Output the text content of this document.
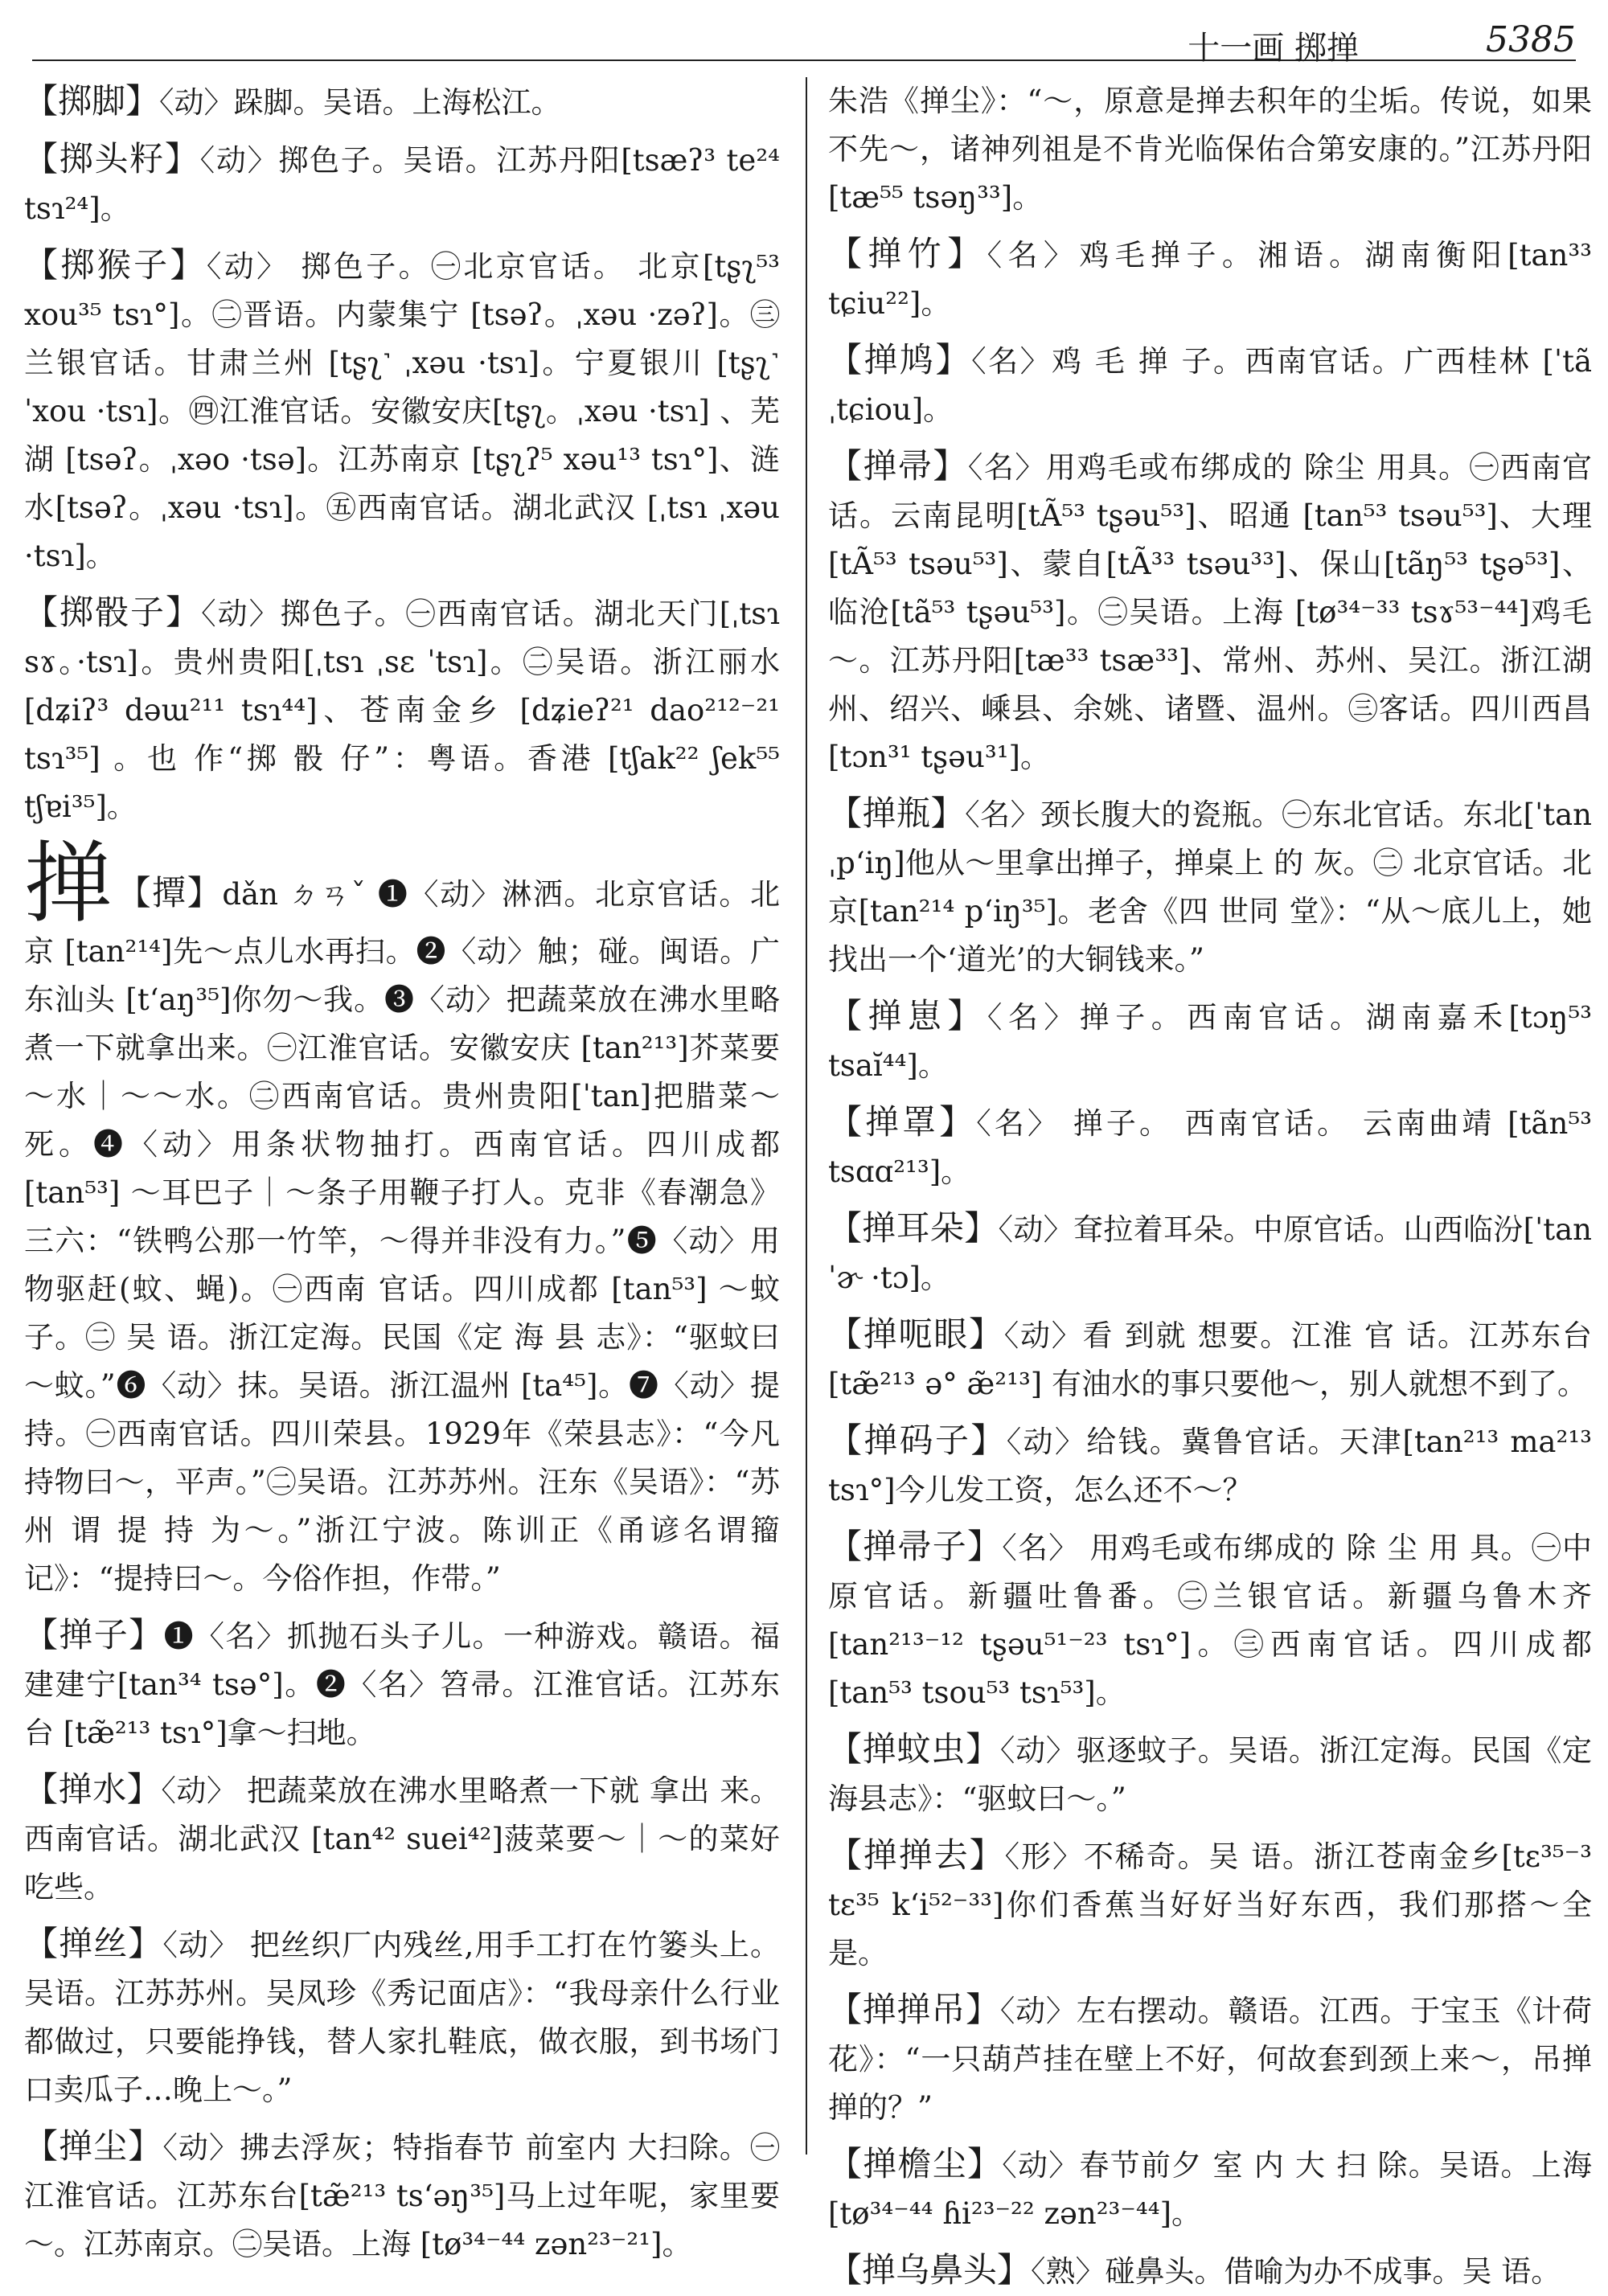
十一画 掷掸	5385
【掷脚】〈动〉跺脚。吴语。上海松江。
【掷头籽】〈动〉掷色子。吴语。江苏丹阳[tsæʔ³ te²⁴ tsɿ²⁴]。
【掷猴子】〈动〉 掷色子。㊀北京官话。 北京[tʂʅ⁵³ xou³⁵ tsɿ°]。㊁晋语。内蒙集宁 [tsəʔ。ˌxəu ·zəʔ]。㊂兰银官话。甘肃兰州 [tʂʅ˺ ˌxəu ·tsɿ]。宁夏银川 [tʂʅ˺ ˈxou ·tsɿ]。㊃江淮官话。安徽安庆[tʂʅ。ˌxəu ·tsɿ] 、芜湖 [tsəʔ。ˌxəo ·tsə]。江苏南京 [tʂʅʔ⁵ xəu¹³ tsɿ°]、涟水[tsəʔ。ˌxəu ·tsɿ]。㊄西南官话。湖北武汉 [ˌtsɿ ˌxəu ·tsɿ]。
【掷骰子】〈动〉掷色子。㊀西南官话。湖北天门[ˌtsɿ sɤ。·tsɿ]。贵州贵阳[ˌtsɿ ˌsɛ ˈtsɿ]。㊁吴语。浙江丽水 [dʑiʔ³ dəɯ²¹¹ tsɿ⁴⁴]、苍南金乡 [dʑieʔ²¹ dao²¹²⁻²¹ tsɿ³⁵] 。也 作“掷 骰 仔”：粤语。香港 [tʃak²² ʃek⁵⁵ tʃɐi³⁵]。
掸【撢】dǎn ㄉㄢˇ ❶〈动〉淋洒。北京官话。北京 [tan²¹⁴]先～点儿水再扫。❷〈动〉触；碰。闽语。广东汕头 [tʻaŋ³⁵]你勿～我。❸〈动〉把蔬菜放在沸水里略煮一下就拿出来。㊀江淮官话。安徽安庆 [tan²¹³]芥菜要～水｜～～水。㊁西南官话。贵州贵阳[ˈtan]把腊菜～死。❹〈动〉用条状物抽打。西南官话。四川成都 [tan⁵³] ～耳巴子｜～条子用鞭子打人。克非《春潮急》三六：“铁鸭公那一竹竿，～得并非没有力。”❺〈动〉用物驱赶(蚊、蝇)。㊀西南 官话。四川成都 [tan⁵³] ～蚊 子。㊁ 吴 语。浙江定海。民国《定 海 县 志》：“驱蚊曰～蚊。”❻〈动〉抹。吴语。浙江温州 [ta⁴⁵]。❼〈动〉提持。㊀西南官话。四川荣县。1929年《荣县志》：“今凡持物曰～，平声。”㊁吴语。江苏苏州。汪东《吴语》：“苏州 谓 提 持 为～。”浙江宁波。陈训正《甬谚名谓籀记》：“提持曰～。今俗作担，作带。”
【掸子】❶〈名〉抓抛石头子儿。一种游戏。赣语。福建建宁[tan³⁴ tsə°]。❷〈名〉笤帚。江淮官话。江苏东台 [tæ̃²¹³ tsɿ°]拿～扫地。
【掸水】〈动〉 把蔬菜放在沸水里略煮一下就 拿出 来。西南官话。湖北武汉 [tan⁴² suei⁴²]菠菜要～｜～的菜好吃些。
【掸丝】〈动〉 把丝织厂内残丝,用手工打在竹篓头上。吴语。江苏苏州。吴凤珍《秀记面店》：“我母亲什么行业都做过，只要能挣钱，替人家扎鞋底，做衣服，到书场门口卖瓜子…晚上～。”
【掸尘】〈动〉拂去浮灰；特指春节 前室内 大扫除。㊀江淮官话。江苏东台[tæ̃²¹³ tsʻəŋ³⁵]马上过年呢，家里要～。江苏南京。㊁吴语。上海 [tø³⁴⁻⁴⁴ zən²³⁻²¹]。
朱浩《掸尘》：“～，原意是掸去积年的尘垢。传说，如果不先～，诸神列祖是不肯光临保佑合第安康的。”江苏丹阳 [tæ⁵⁵ tsəŋ³³]。
【掸竹】〈名〉鸡毛掸子。湘语。湖南衡阳[tan³³ tɕiu²²]。
【掸鸠】〈名〉鸡 毛 掸 子。西南官话。广西桂林 [ˈtã ˌtɕiou]。
【掸帚】〈名〉用鸡毛或布绑成的 除尘 用具。㊀西南官话。云南昆明[tÃ⁵³ tʂəu⁵³]、昭通 [tan⁵³ tsəu⁵³]、大理[tÃ⁵³ tsəu⁵³]、蒙自[tÃ³³ tsəu³³]、保山[tãŋ⁵³ tʂə⁵³]、临沧[tã⁵³ tʂəu⁵³]。㊁吴语。上海 [tø³⁴⁻³³ tsɤ⁵³⁻⁴⁴]鸡毛～。江苏丹阳[tæ³³ tsæ³³]、常州、苏州、吴江。浙江湖州、绍兴、嵊县、余姚、诸暨、温州。㊂客话。四川西昌 [tɔn³¹ tʂəu³¹]。
【掸瓶】〈名〉颈长腹大的瓷瓶。㊀东北官话。东北[ˈtan ˌpʻiŋ]他从～里拿出掸子，掸桌上 的 灰。㊁ 北京官话。北京[tan²¹⁴ pʻiŋ³⁵]。老舍《四 世同 堂》：“从～底儿上，她找出一个‘道光’的大铜钱来。”
【掸崽】〈名〉掸子。西南官话。湖南嘉禾[tɔŋ⁵³ tsaĭ⁴⁴]。
【掸罩】〈名〉 掸子。 西南官话。 云南曲靖 [tãn⁵³ tsɑɑ²¹³]。
【掸耳朵】〈动〉耷拉着耳朵。中原官话。山西临汾[ˈtan ˈɚ ·tɔ]。
【掸呃眼】〈动〉看 到就 想要。江淮 官 话。江苏东台 [tæ̃²¹³ ə° æ̃²¹³] 有油水的事只要他～，别人就想不到了。
【掸码子】〈动〉给钱。冀鲁官话。天津[tan²¹³ ma²¹³ tsɿ°]今儿发工资，怎么还不～？
【掸帚子】〈名〉 用鸡毛或布绑成的 除 尘 用 具。㊀中原官话。新疆吐鲁番。㊁兰银官话。新疆乌鲁木齐 [tan²¹³⁻¹² tʂəu⁵¹⁻²³ tsɿ°]。㊂西南官话。四川成都 [tan⁵³ tsou⁵³ tsɿ⁵³]。
【掸蚊虫】〈动〉驱逐蚊子。吴语。浙江定海。民国《定海县志》：“驱蚊曰～。”
【掸掸去】〈形〉不稀奇。吴 语。浙江苍南金乡[tɛ³⁵⁻³ tɛ³⁵ kʻi⁵²⁻³³]你们香蕉当好好当好东西，我们那搭～全是。
【掸掸吊】〈动〉左右摆动。赣语。江西。于宝玉《计荷花》：“一只葫芦挂在壁上不好，何故套到颈上来～，吊掸掸的？”
【掸檐尘】〈动〉春节前夕 室 内 大 扫 除。吴语。上海 [tø³⁴⁻⁴⁴ ɦi²³⁻²² zən²³⁻⁴⁴]。
【掸乌鼻头】〈熟〉碰鼻头。借喻为办不成事。吴 语。
